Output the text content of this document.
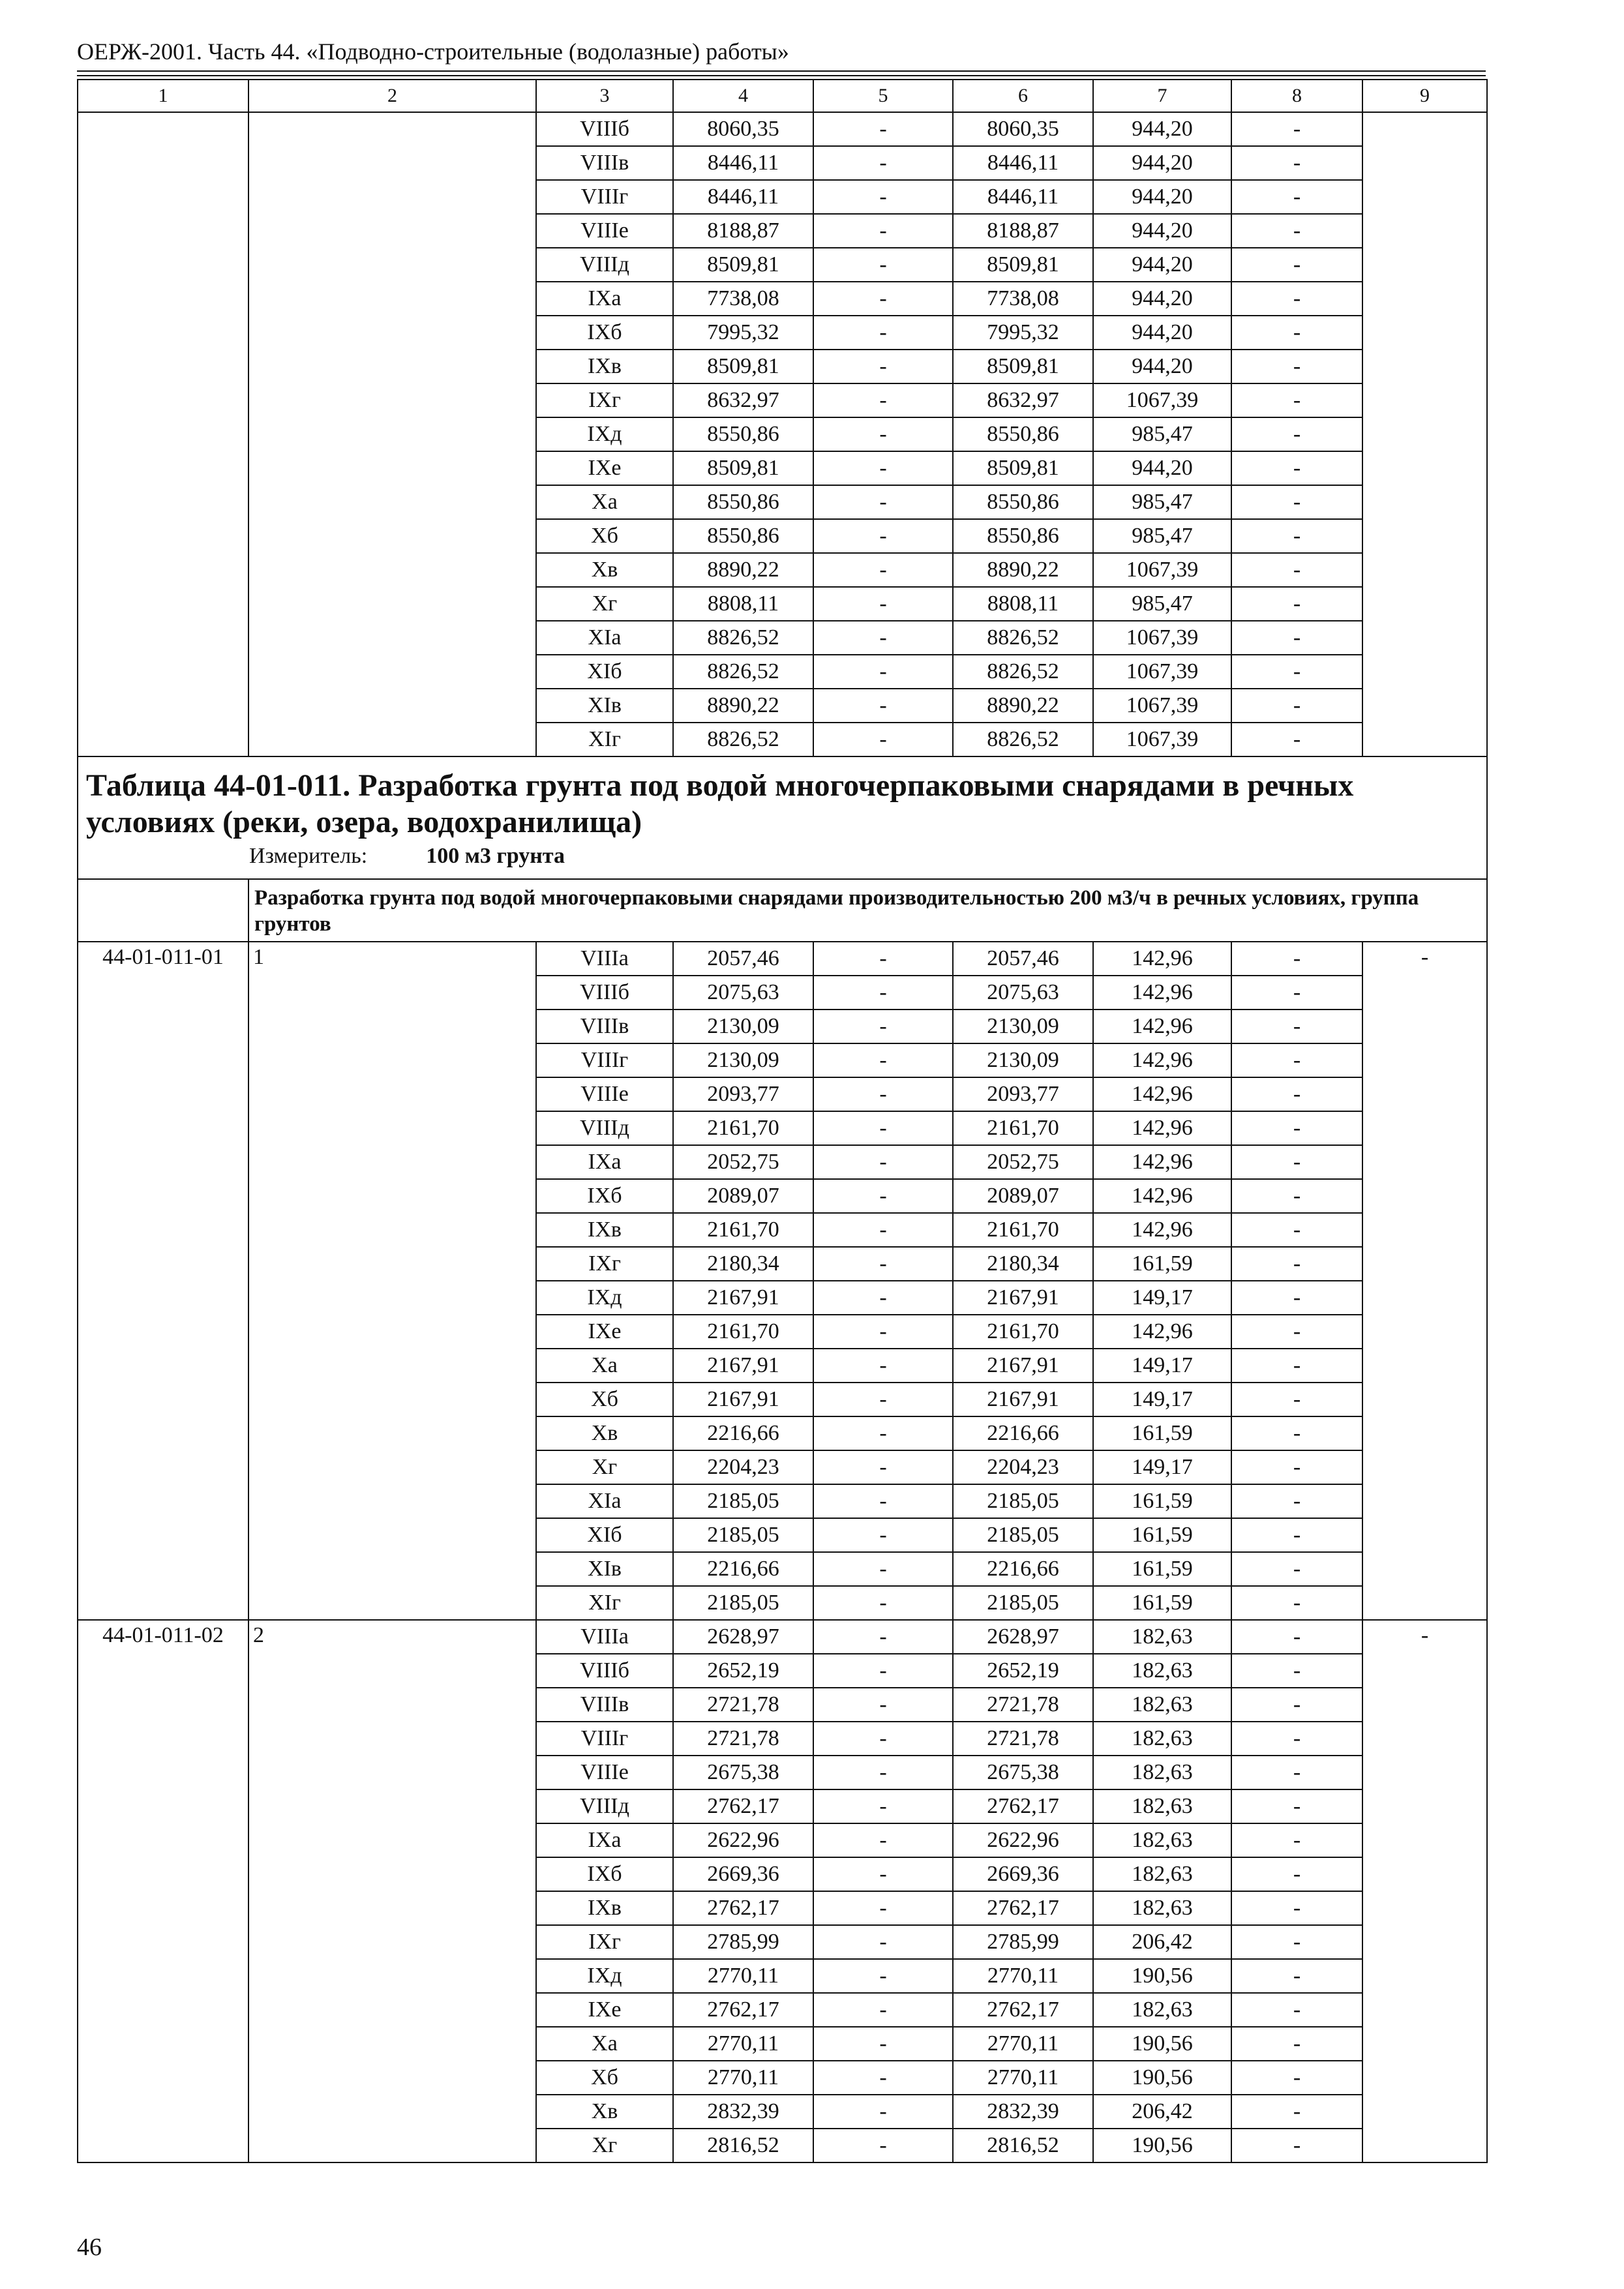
ОЕРЖ-2001. Часть 44. «Подводно-строительные (водолазные) работы»
1	2	3	4	5	6	7	8	9
		VIIIб	8060,35	-	8060,35	944,20	-	
		VIIIв	8446,11	-	8446,11	944,20	-	
		VIIIг	8446,11	-	8446,11	944,20	-	
		VIIIе	8188,87	-	8188,87	944,20	-	
		VIIIд	8509,81	-	8509,81	944,20	-	
		IXа	7738,08	-	7738,08	944,20	-	
		IXб	7995,32	-	7995,32	944,20	-	
		IXв	8509,81	-	8509,81	944,20	-	
		IXг	8632,97	-	8632,97	1067,39	-	
		IXд	8550,86	-	8550,86	985,47	-	
		IXе	8509,81	-	8509,81	944,20	-	
		Xа	8550,86	-	8550,86	985,47	-	
		Xб	8550,86	-	8550,86	985,47	-	
		Xв	8890,22	-	8890,22	1067,39	-	
		Xг	8808,11	-	8808,11	985,47	-	
		XIа	8826,52	-	8826,52	1067,39	-	
		XIб	8826,52	-	8826,52	1067,39	-	
		XIв	8890,22	-	8890,22	1067,39	-	
		XIг	8826,52	-	8826,52	1067,39	-	

Таблица 44-01-011. Разработка грунта под водой многочерпаковыми снарядами в речных условиях (реки, озера, водохранилища)
Измеритель: 100 м3 грунта								

	Разработка грунта под водой многочерпаковыми снарядами производительностью 200 м3/ч в речных условиях, группа грунтов							
44-01-011-01	1	VIIIа	2057,46	-	2057,46	142,96	-	-
		VIIIб	2075,63	-	2075,63	142,96	-	
		VIIIв	2130,09	-	2130,09	142,96	-	
		VIIIг	2130,09	-	2130,09	142,96	-	
		VIIIе	2093,77	-	2093,77	142,96	-	
		VIIIд	2161,70	-	2161,70	142,96	-	
		IXа	2052,75	-	2052,75	142,96	-	
		IXб	2089,07	-	2089,07	142,96	-	
		IXв	2161,70	-	2161,70	142,96	-	
		IXг	2180,34	-	2180,34	161,59	-	
		IXд	2167,91	-	2167,91	149,17	-	
		IXе	2161,70	-	2161,70	142,96	-	
		Xа	2167,91	-	2167,91	149,17	-	
		Xб	2167,91	-	2167,91	149,17	-	
		Xв	2216,66	-	2216,66	161,59	-	
		Xг	2204,23	-	2204,23	149,17	-	
		XIа	2185,05	-	2185,05	161,59	-	
		XIб	2185,05	-	2185,05	161,59	-	
		XIв	2216,66	-	2216,66	161,59	-	
		XIг	2185,05	-	2185,05	161,59	-	
44-01-011-02	2	VIIIа	2628,97	-	2628,97	182,63	-	-
		VIIIб	2652,19	-	2652,19	182,63	-	
		VIIIв	2721,78	-	2721,78	182,63	-	
		VIIIг	2721,78	-	2721,78	182,63	-	
		VIIIе	2675,38	-	2675,38	182,63	-	
		VIIIд	2762,17	-	2762,17	182,63	-	
		IXа	2622,96	-	2622,96	182,63	-	
		IXб	2669,36	-	2669,36	182,63	-	
		IXв	2762,17	-	2762,17	182,63	-	
		IXг	2785,99	-	2785,99	206,42	-	
		IXд	2770,11	-	2770,11	190,56	-	
		IXе	2762,17	-	2762,17	182,63	-	
		Xа	2770,11	-	2770,11	190,56	-	
		Xб	2770,11	-	2770,11	190,56	-	
		Xв	2832,39	-	2832,39	206,42	-	
		Xг	2816,52	-	2816,52	190,56	-	
46
